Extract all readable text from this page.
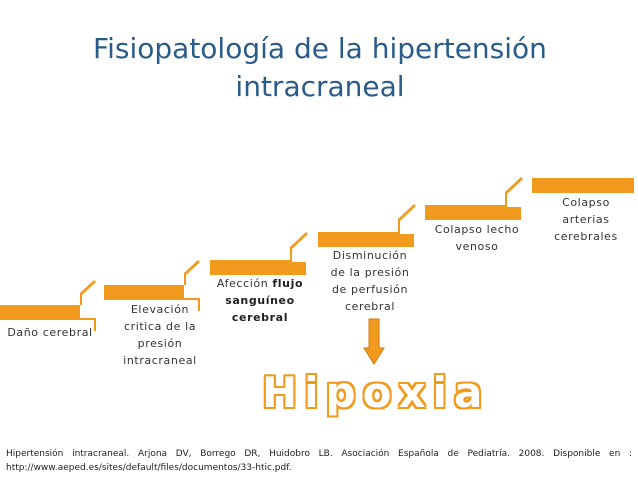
Fisiopatología de la hipertensión
intracraneal
Daño cerebral
Elevación
critica de la
presión
intracraneal
Afección flujo
sanguíneo
cerebral
Disminución
de la presión
de perfusión
cerebral
Colapso lecho
venoso
Colapso
arterias
cerebrales
Hipoxia
Hipertensión intracraneal. Arjona DV, Borrego DR, Huidobro LB. Asociación Española de Pediatría. 2008. Disponible en :
http://www.aeped.es/sites/default/files/documentos/33-htic.pdf.
